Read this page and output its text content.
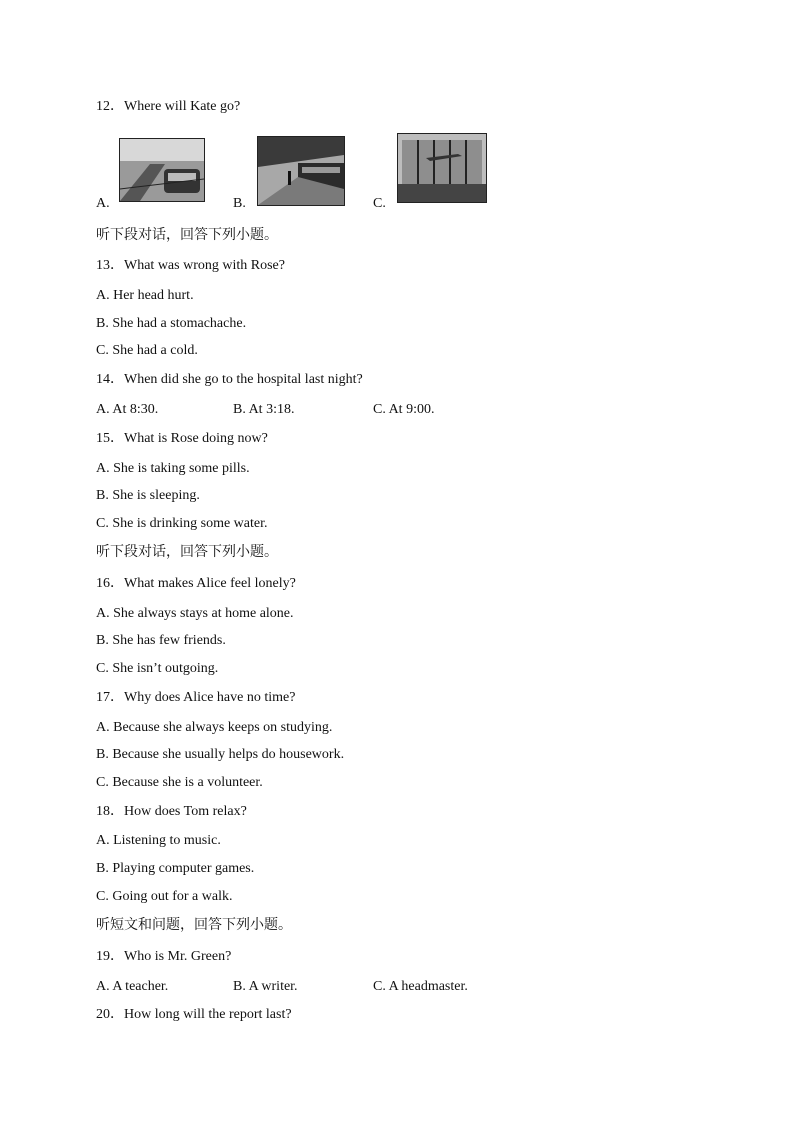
12．Where will Kate go?
A.	B.	C.
听下段对话，回答下列小题。
13．What was wrong with Rose?
A. Her head hurt.
B. She had a stomachache.
C. She had a cold.
14．When did she go to the hospital last night?
A. At 8:30.	B. At 3:18.	C. At 9:00.
15．What is Rose doing now?
A. She is taking some pills.
B. She is sleeping.
C. She is drinking some water.
听下段对话，回答下列小题。
16．What makes Alice feel lonely?
A. She always stays at home alone.
B. She has few friends.
C. She isn’t outgoing.
17．Why does Alice have no time?
A. Because she always keeps on studying.
B. Because she usually helps do housework.
C. Because she is a volunteer.
18．How does Tom relax?
A. Listening to music.
B. Playing computer games.
C. Going out for a walk.
听短文和问题，回答下列小题。
19．Who is Mr. Green?
A. A teacher.	B. A writer.	C. A headmaster.
20．How long will the report last?
